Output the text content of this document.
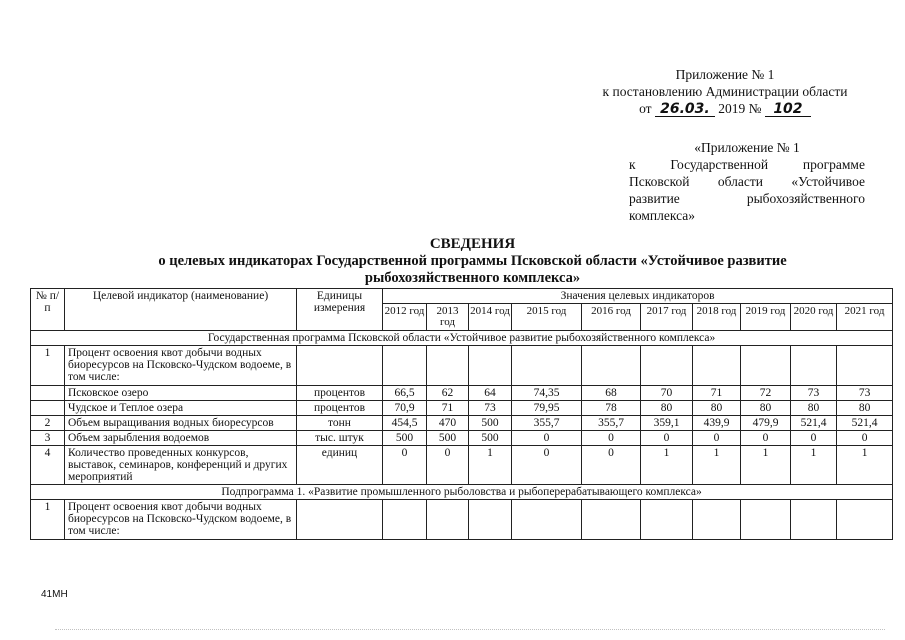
Приложение № 1
к постановлению Администрации области
от 26.03. 2019 № 102
«Приложение № 1
к	Государственной	программе
Псковской области «Устойчивое
развитие	рыбохозяйственного
комплекса»
СВЕДЕНИЯ
о целевых индикаторах Государственной программы Псковской области «Устойчивое развитие
рыбохозяйственного комплекса»
№ п/п	Целевой индикатор (наименование)	Единицы измерения	Значения целевых индикаторов									
			2012 год	2013 год	2014 год	2015 год	2016 год	2017 год	2018 год	2019 год	2020 год	2021 год
Государственная программа Псковской области «Устойчивое развитие рыбохозяйственного комплекса»												
1	Процент освоения квот добычи водных биоресурсов на Псковско-Чудском водоеме, в том числе:											
	Псковское озеро	процентов	66,5	62	64	74,35	68	70	71	72	73	73
	Чудское и Теплое озера	процентов	70,9	71	73	79,95	78	80	80	80	80	80
2	Объем выращивания водных биоресурсов	тонн	454,5	470	500	355,7	355,7	359,1	439,9	479,9	521,4	521,4
3	Объем зарыбления водоемов	тыс. штук	500	500	500	0	0	0	0	0	0	0
4	Количество проведенных конкурсов, выставок, семинаров, конференций и других мероприятий	единиц	0	0	1	0	0	1	1	1	1	1
Подпрограмма 1. «Развитие промышленного рыболовства и рыбоперерабатывающего комплекса»												
1	Процент освоения квот добычи водных биоресурсов на Псковско-Чудском водоеме, в том числе:											
41МН
